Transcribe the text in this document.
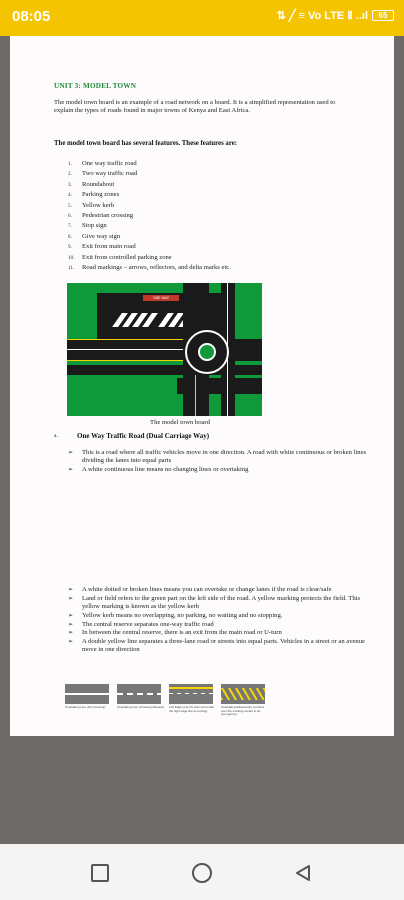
08:05	⇅ ╱ ≡ Vo LTE Ⅱ ..ıl 65
UNIT 3: MODEL TOWN

The model town board is an example of a road network on a board. It is a simplified representation used to explain the types of roads found in major towns of Kenya and East Africa.

The model town board has several features. These features are:
1.	One way traffic road
2.	Two way traffic road
3.	Roundabout
4.	Parking zones
5.	Yellow kerb
6.	Pedestrian crossing
7.	Stop sign
8.	Give way sign
9.	Exit from main road
10.	Exit from controlled parking zone
11.	Road markings – arrows, reflectors, and delta marks etc.
ONE WAY
The model town board
a.	One Way Traffic Road (Dual Carriage Way)
➢	This is a road where all traffic vehicles move in one direction. A road with white continuous or broken lines dividing the lanes into equal parts
➢	A white continuous line means no changing lines or overtaking
➢	A white dotted or broken lines means you can overtake or change lanes if the road is clear/safe
➢	Land or field refers to the green part on the left side of the road. A yellow marking protects the field. This yellow marking is known as the yellow kerb
➢	Yellow kerb means no overlapping, no parking, no waiting and no stopping.
➢	The central reserve separates one-way traffic road
➢	In between the central reserve, there is an exit from the main road or U-turn
➢	A double yellow line separates a three-lane road or streets into equal parts. Vehicles in a street or an avenue move in one direction
Overtaking Line (No Crossing)	Overtaking Line (Crossing Allowed)	Left Edge Line (To warn and mark the right edge line is coming)
Overtaking Allowed (do not drive over the marking except in an emergency)
